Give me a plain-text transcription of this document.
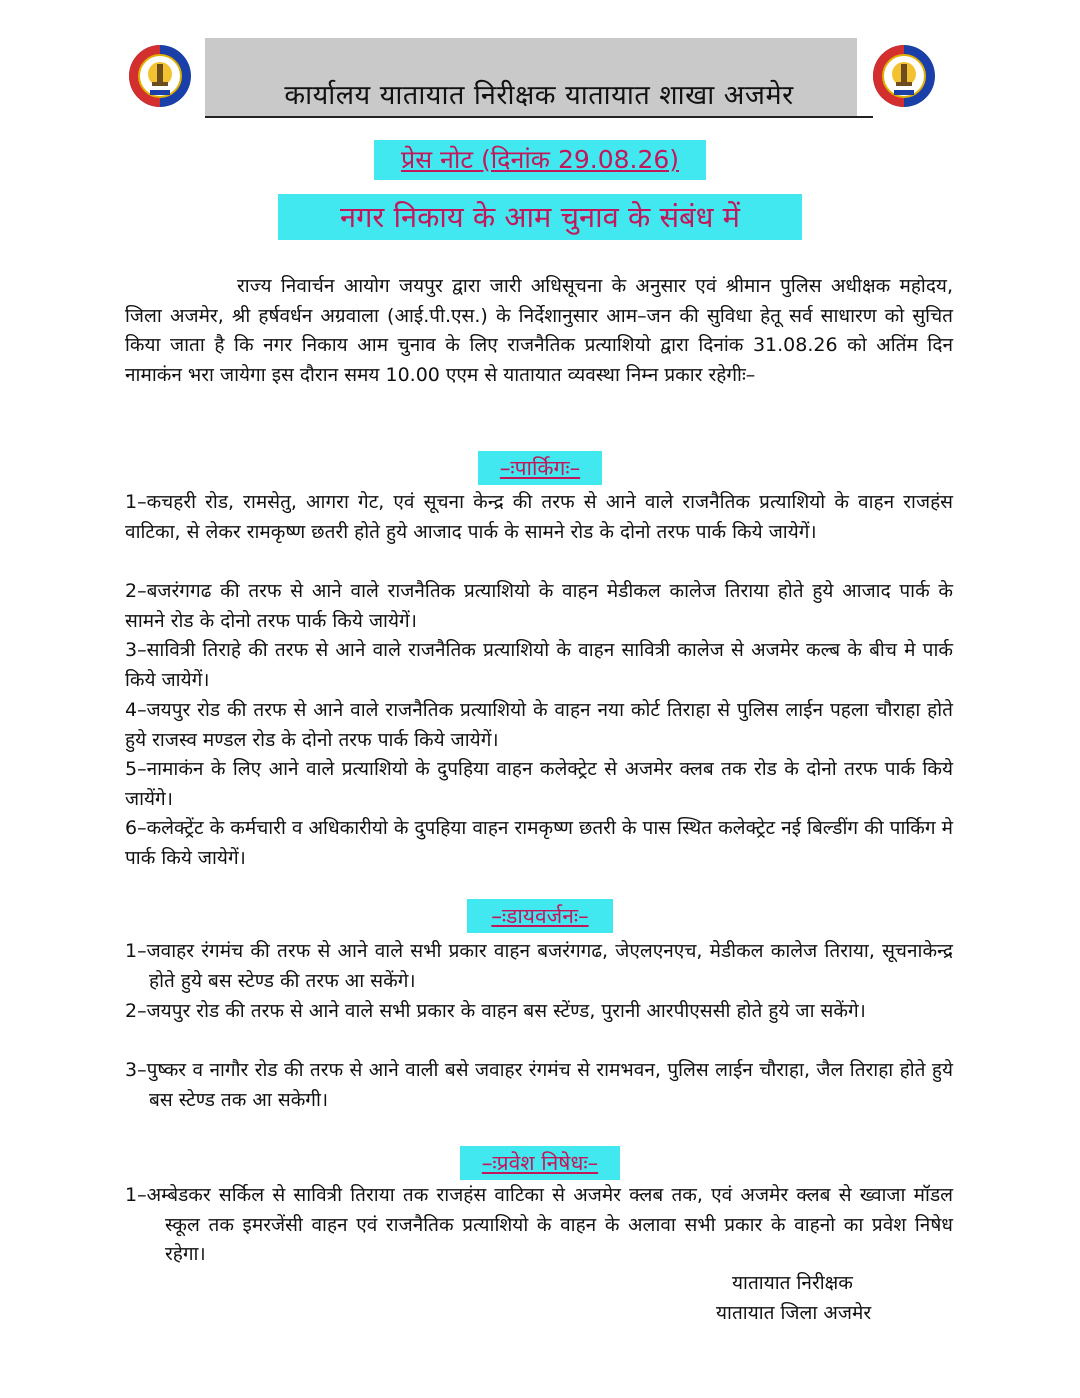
कार्यालय यातायात निरीक्षक यातायात शाखा अजमेर
प्रेस नोट (दिनांक 29.08.26)
नगर निकाय के आम चुनाव के संबंध में
राज्य निवार्चन आयोग जयपुर द्वारा जारी अधिसूचना के अनुसार एवं श्रीमान पुलिस अधीक्षक महोदय, जिला अजमेर, श्री हर्षवर्धन अग्रवाला (आई.पी.एस.) के निर्देशानुसार आम–जन की सुविधा हेतू सर्व साधारण को सुचित किया जाता है कि नगर निकाय आम चुनाव के लिए राजनैतिक प्रत्याशियो द्वारा दिनांक 31.08.26 को अतिंम दिन नामाकंन भरा जायेगा इस दौरान समय 10.00 एएम से यातायात व्यवस्था निम्न प्रकार रहेगीः–
–ःपार्किगः–
1–कचहरी रोड, रामसेतु, आगरा गेट, एवं सूचना केन्द्र की तरफ से आने वाले राजनैतिक प्रत्याशियो के वाहन राजहंस वाटिका, से लेकर रामकृष्ण छतरी होते हुये आजाद पार्क के सामने रोड के दोनो तरफ पार्क किये जायेगें।
2–बजरंगगढ की तरफ से आने वाले राजनैतिक प्रत्याशियो के वाहन मेडीकल कालेज तिराया होते हुये आजाद पार्क के सामने रोड के दोनो तरफ पार्क किये जायेगें।
3–सावित्री तिराहे की तरफ से आने वाले राजनैतिक प्रत्याशियो के वाहन सावित्री कालेज से अजमेर कल्ब के बीच मे पार्क किये जायेगें।
4–जयपुर रोड की तरफ से आने वाले राजनैतिक प्रत्याशियो के वाहन नया कोर्ट तिराहा से पुलिस लाईन पहला चौराहा होते हुये राजस्व मण्डल रोड के दोनो तरफ पार्क किये जायेगें।
5–नामाकंन के लिए आने वाले प्रत्याशियो के दुपहिया वाहन कलेक्ट्रेट से अजमेर क्लब तक रोड के दोनो तरफ पार्क किये जायेंगे।
6–कलेक्ट्रेंट के कर्मचारी व अधिकारीयो के दुपहिया वाहन रामकृष्ण छतरी के पास स्थित कलेक्ट्रेट नई बिल्डींग की पार्किग मे पार्क किये जायेगें।
–ःडायवर्जनः–
1–जवाहर रंगमंच की तरफ से आने वाले सभी प्रकार वाहन बजरंगगढ, जेएलएनएच, मेडीकल कालेज तिराया, सूचनाकेन्द्र होते हुये बस स्टेण्ड की तरफ आ सकेंगे।
2–जयपुर रोड की तरफ से आने वाले सभी प्रकार के वाहन बस स्टेंण्ड, पुरानी आरपीएससी होते हुये जा सकेंगे।
3–पुष्कर व नागौर रोड की तरफ से आने वाली बसे जवाहर रंगमंच से रामभवन, पुलिस लाईन चौराहा, जैल तिराहा होते हुये बस स्टेण्ड तक आ सकेगी।
–ःप्रवेश निषेधः–
1–अम्बेडकर सर्किल से सावित्री तिराया तक राजहंस वाटिका से अजमेर क्लब तक, एवं अजमेर क्लब से ख्वाजा मॉडल स्कूल तक इमरजेंसी वाहन एवं राजनैतिक प्रत्याशियो के वाहन के अलावा सभी प्रकार के वाहनो का प्रवेश निषेध रहेगा।
यातायात निरीक्षक
यातायात जिला अजमेर
